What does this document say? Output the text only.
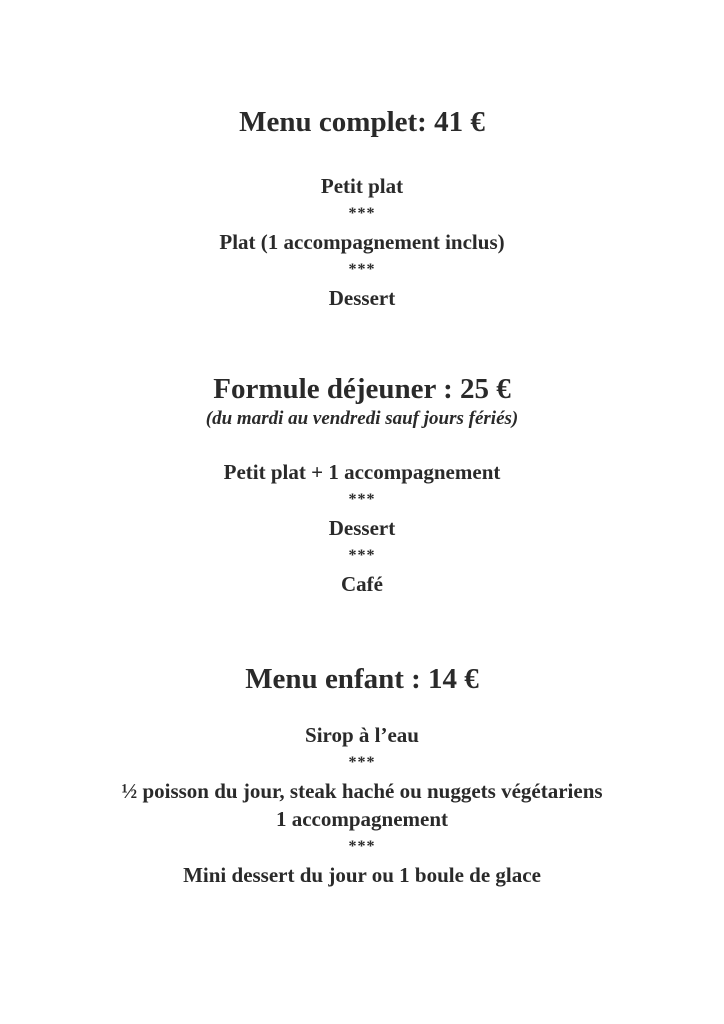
Menu complet: 41 €
Petit plat
***
Plat (1 accompagnement inclus)
***
Dessert
Formule déjeuner : 25 €

(du mardi au vendredi sauf jours fériés)

Petit plat + 1 accompagnement
***
Dessert
***
Café
Menu enfant : 14 €
Sirop à l’eau
***
½ poisson du jour, steak haché ou nuggets végétariens
1 accompagnement
***
Mini dessert du jour ou 1 boule de glace
